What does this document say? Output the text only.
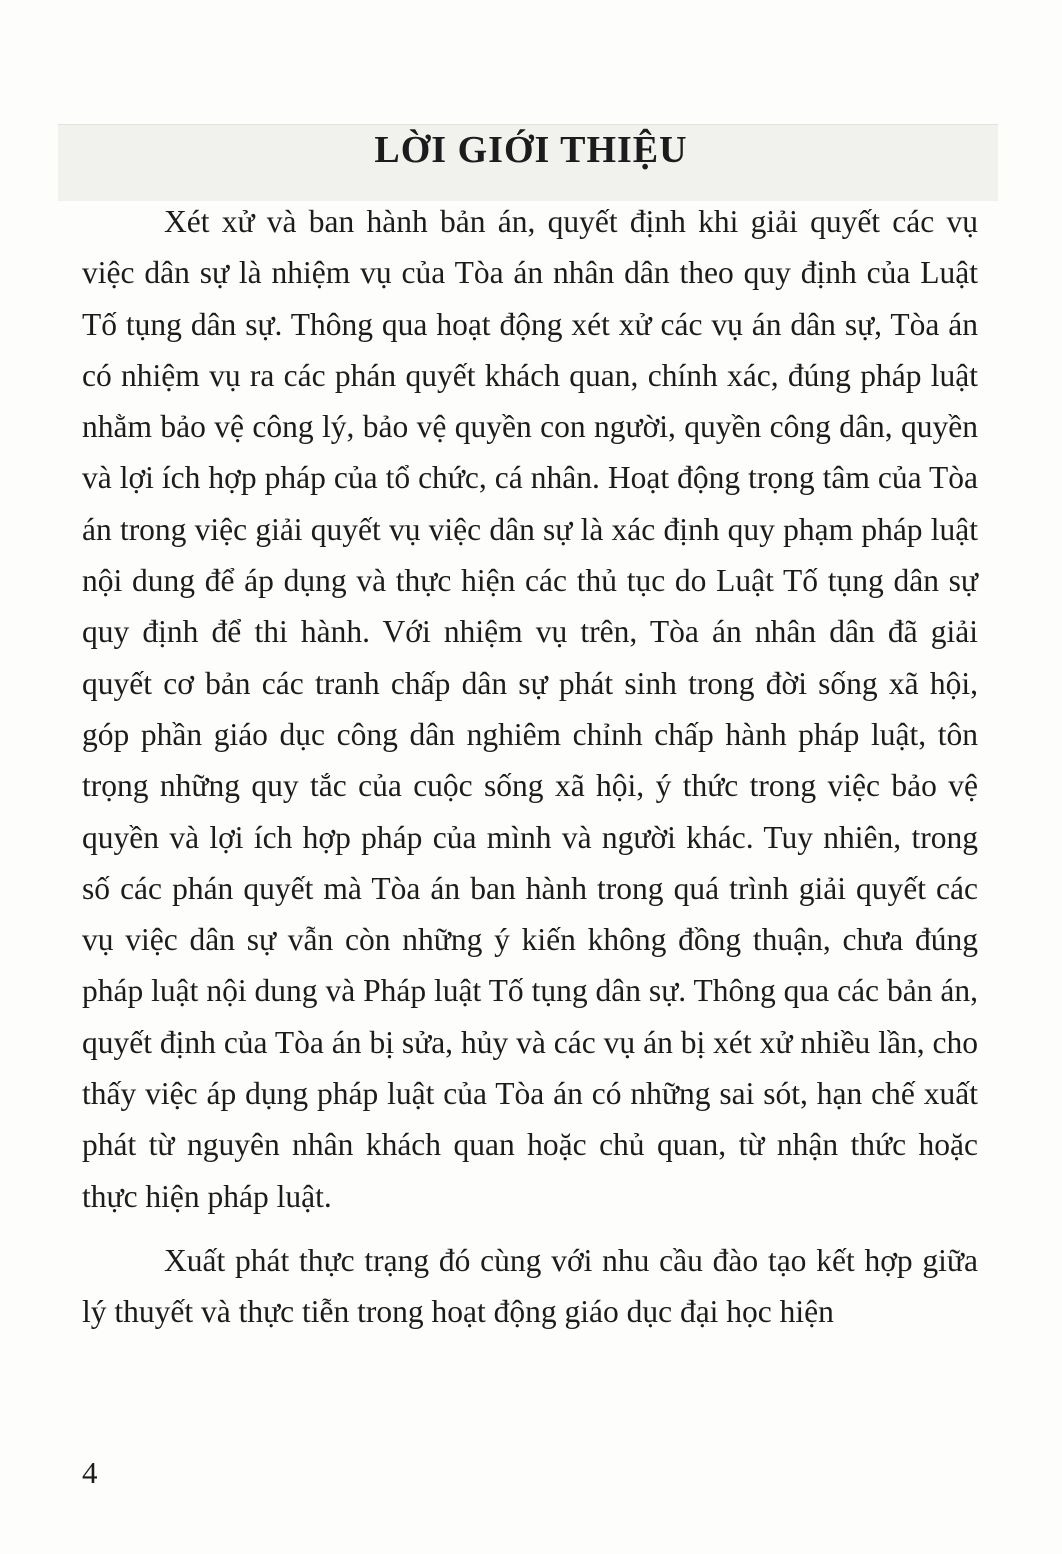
LỜI GIỚI THIỆU

Xét xử và ban hành bản án, quyết định khi giải quyết các vụ việc dân sự là nhiệm vụ của Tòa án nhân dân theo quy định của Luật Tố tụng dân sự. Thông qua hoạt động xét xử các vụ án dân sự, Tòa án có nhiệm vụ ra các phán quyết khách quan, chính xác, đúng pháp luật nhằm bảo vệ công lý, bảo vệ quyền con người, quyền công dân, quyền và lợi ích hợp pháp của tổ chức, cá nhân. Hoạt động trọng tâm của Tòa án trong việc giải quyết vụ việc dân sự là xác định quy phạm pháp luật nội dung để áp dụng và thực hiện các thủ tục do Luật Tố tụng dân sự quy định để thi hành. Với nhiệm vụ trên, Tòa án nhân dân đã giải quyết cơ bản các tranh chấp dân sự phát sinh trong đời sống xã hội, góp phần giáo dục công dân nghiêm chỉnh chấp hành pháp luật, tôn trọng những quy tắc của cuộc sống xã hội, ý thức trong việc bảo vệ quyền và lợi ích hợp pháp của mình và người khác. Tuy nhiên, trong số các phán quyết mà Tòa án ban hành trong quá trình giải quyết các vụ việc dân sự vẫn còn những ý kiến không đồng thuận, chưa đúng pháp luật nội dung và Pháp luật Tố tụng dân sự. Thông qua các bản án, quyết định của Tòa án bị sửa, hủy và các vụ án bị xét xử nhiều lần, cho thấy việc áp dụng pháp luật của Tòa án có những sai sót, hạn chế xuất phát từ nguyên nhân khách quan hoặc chủ quan, từ nhận thức hoặc thực hiện pháp luật.

Xuất phát thực trạng đó cùng với nhu cầu đào tạo kết hợp giữa lý thuyết và thực tiễn trong hoạt động giáo dục đại học hiện

4
